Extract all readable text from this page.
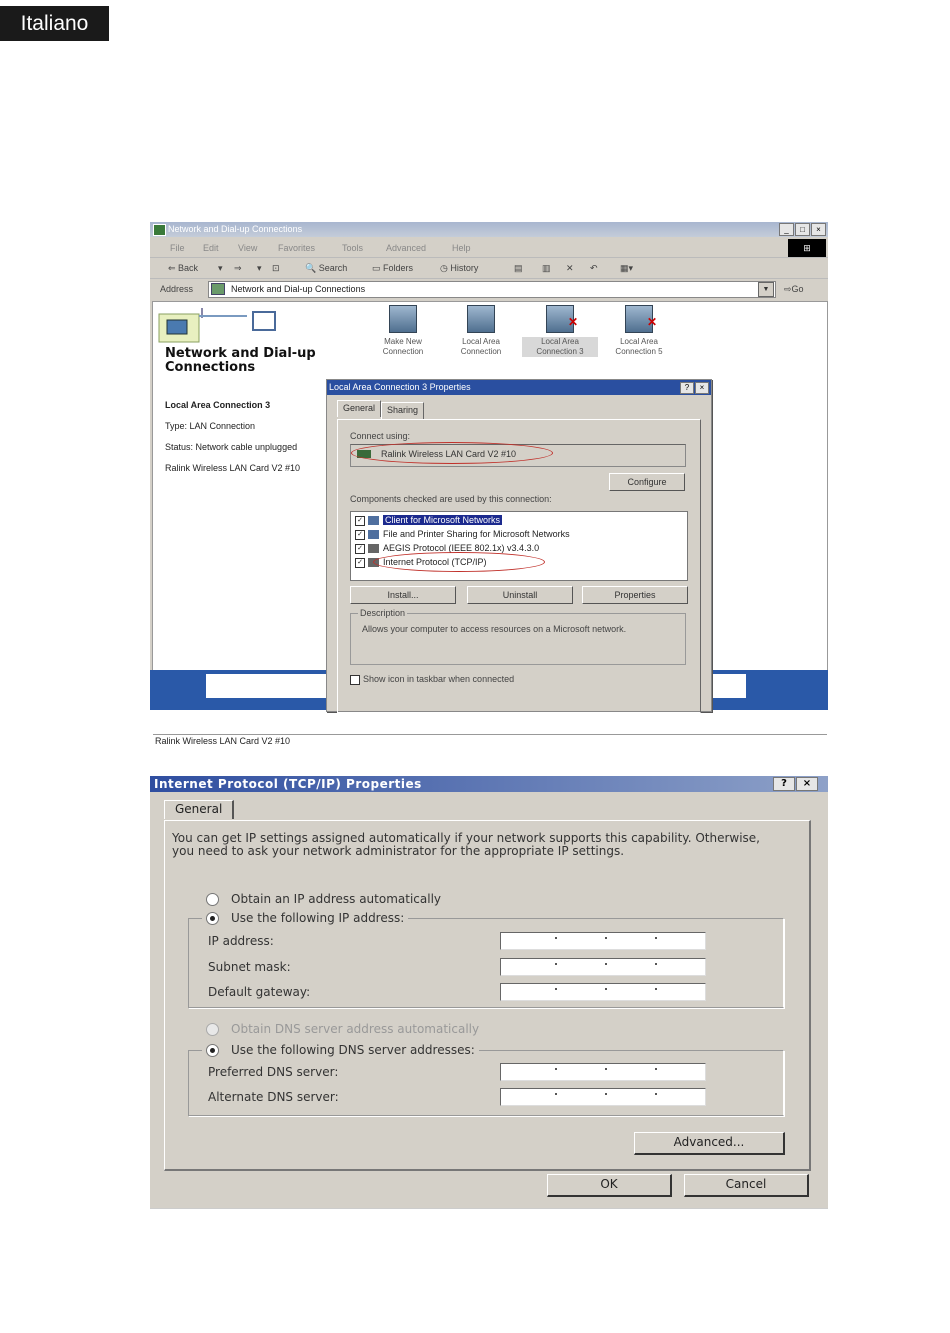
Italiano
Network and Dial-up Connections	_	□	×
File Edit View Favorites	Tools	Advanced	Help	⊞
⇐ Back ▾ ⇒ ▾ ⊡	🔍 Search	▭ Folders	◷ History	▤ ▥ ✕ ↶ ▦▾
Address	Network and Dial-up Connections	▼	⇨Go
Network and Dial-up Connections
Local Area Connection 3
Type: LAN Connection
Status: Network cable unplugged
Ralink Wireless LAN Card V2 #10
Make New Connection
Local Area Connection
✕
Local Area Connection 3
✕
Local Area Connection 5
Ralink Wireless LAN Card V2 #10
Local Area Connection 3 Properties	?	×
General	Sharing
Connect using:
Ralink Wireless LAN Card V2 #10
Configure
Components checked are used by this connection:
✓ Client for Microsoft Networks
✓ File and Printer Sharing for Microsoft Networks
✓ AEGIS Protocol (IEEE 802.1x) v3.4.3.0
✓ Internet Protocol (TCP/IP)
Install...	Uninstall	Properties
Description
Allows your computer to access resources on a Microsoft network.
Show icon in taskbar when connected
Internet Protocol (TCP/IP) Properties	?	×
General
You can get IP settings assigned automatically if your network supports this capability. Otherwise, you need to ask your network administrator for the appropriate IP settings.
Obtain an IP address automatically
Use the following IP address:
IP address:
Subnet mask:
Default gateway:
Obtain DNS server address automatically
Use the following DNS server addresses:
Preferred DNS server:
Alternate DNS server:
Advanced...
OK	Cancel
